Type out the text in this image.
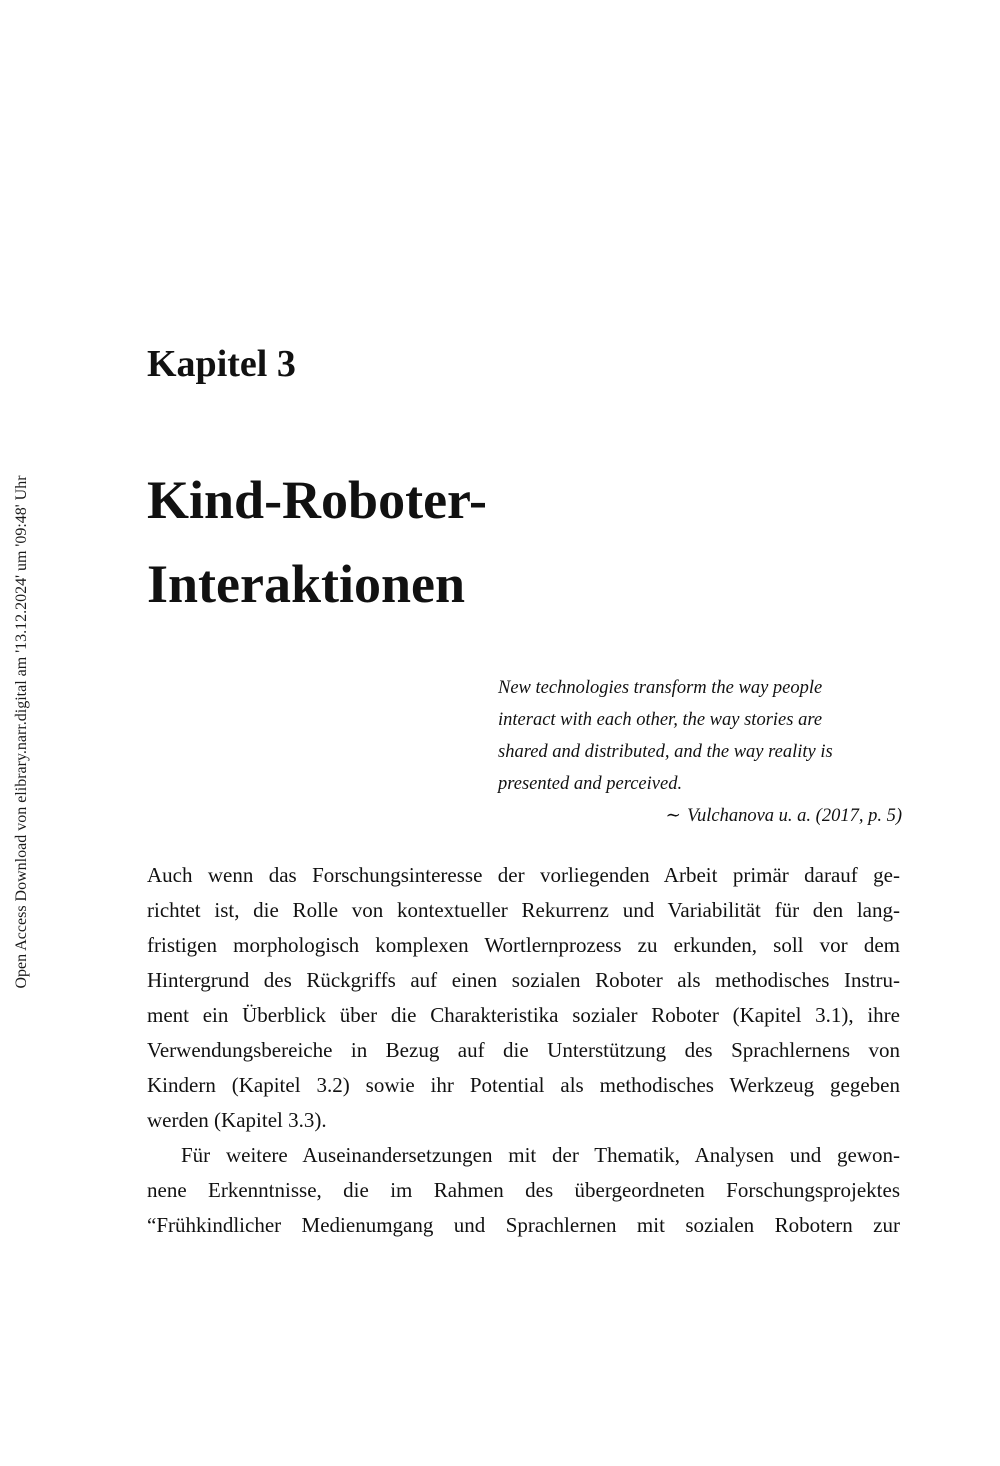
Open Access Download von elibrary.narr.digital am '13.12.2024' um '09:48' Uhr
Kapitel 3
Kind-Roboter-
Interaktionen
New technologies transform the way people
interact with each other, the way stories are
shared and distributed, and the way reality is
presented and perceived.
∼ Vulchanova u. a. (2017, p. 5)
Auch wenn das Forschungsinteresse der vorliegenden Arbeit primär darauf ge-
richtet ist, die Rolle von kontextueller Rekurrenz und Variabilität für den lang-
fristigen morphologisch komplexen Wortlernprozess zu erkunden, soll vor dem
Hintergrund des Rückgriffs auf einen sozialen Roboter als methodisches Instru-
ment ein Überblick über die Charakteristika sozialer Roboter (Kapitel 3.1), ihre
Verwendungsbereiche in Bezug auf die Unterstützung des Sprachlernens von
Kindern (Kapitel 3.2) sowie ihr Potential als methodisches Werkzeug gegeben
werden (Kapitel 3.3).
Für weitere Auseinandersetzungen mit der Thematik, Analysen und gewon-
nene Erkenntnisse, die im Rahmen des übergeordneten Forschungsprojektes
“Frühkindlicher Medienumgang und Sprachlernen mit sozialen Robotern zur
